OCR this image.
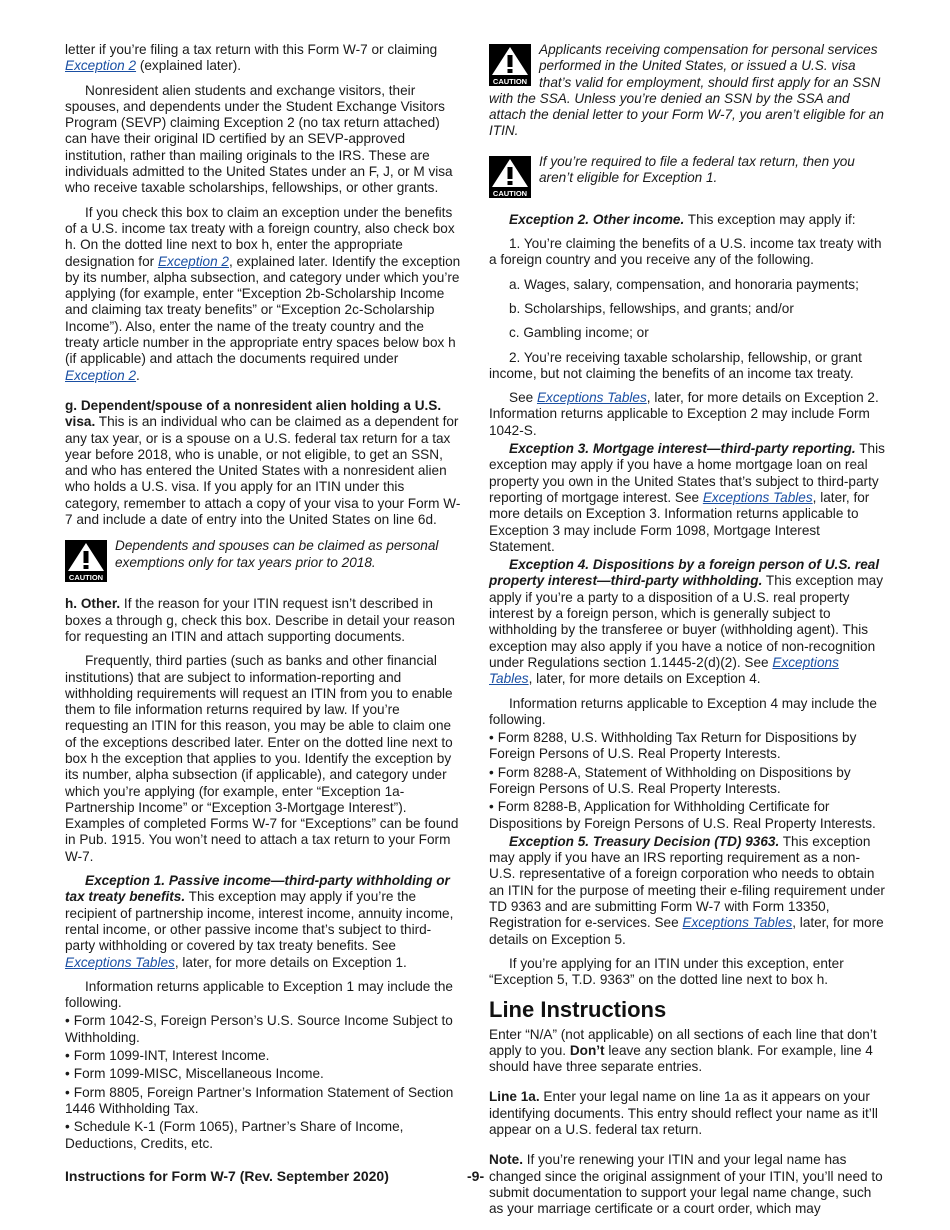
letter if you’re filing a tax return with this Form W-7 or claiming Exception 2 (explained later).

Nonresident alien students and exchange visitors, their spouses, and dependents under the Student Exchange Visitors Program (SEVP) claiming Exception 2 (no tax return attached) can have their original ID certified by an SEVP-approved institution, rather than mailing originals to the IRS. These are individuals admitted to the United States under an F, J, or M visa who receive taxable scholarships, fellowships, or other grants.

If you check this box to claim an exception under the benefits of a U.S. income tax treaty with a foreign country, also check box h. On the dotted line next to box h, enter the appropriate designation for Exception 2, explained later. Identify the exception by its number, alpha subsection, and category under which you’re applying (for example, enter “Exception 2b-Scholarship Income and claiming tax treaty benefits” or “Exception 2c-Scholarship Income”). Also, enter the name of the treaty country and the treaty article number in the appropriate entry spaces below box h (if applicable) and attach the documents required under Exception 2.

g. Dependent/spouse of a nonresident alien holding a U.S. visa. This is an individual who can be claimed as a dependent for any tax year, or is a spouse on a U.S. federal tax return for a tax year before 2018, who is unable, or not eligible, to get an SSN, and who has entered the United States with a nonresident alien who holds a U.S. visa. If you apply for an ITIN under this category, remember to attach a copy of your visa to your Form W-7 and include a date of entry into the United States on line 6d.

CAUTION

Dependents and spouses can be claimed as personal exemptions only for tax years prior to 2018.

h. Other. If the reason for your ITIN request isn’t described in boxes a through g, check this box. Describe in detail your reason for requesting an ITIN and attach supporting documents.

Frequently, third parties (such as banks and other financial institutions) that are subject to information-reporting and withholding requirements will request an ITIN from you to enable them to file information returns required by law. If you’re requesting an ITIN for this reason, you may be able to claim one of the exceptions described later. Enter on the dotted line next to box h the exception that applies to you. Identify the exception by its number, alpha subsection (if applicable), and category under which you’re applying (for example, enter “Exception 1a-Partnership Income” or “Exception 3-Mortgage Interest”). Examples of completed Forms W-7 for “Exceptions” can be found in Pub. 1915. You won’t need to attach a tax return to your Form W-7.

Exception 1. Passive income—third-party withholding or tax treaty benefits. This exception may apply if you’re the recipient of partnership income, interest income, annuity income, rental income, or other passive income that’s subject to third-party withholding or covered by tax treaty benefits. See Exceptions Tables, later, for more details on Exception 1.

Information returns applicable to Exception 1 may include the following.

• Form 1042-S, Foreign Person’s U.S. Source Income Subject to Withholding.

• Form 1099-INT, Interest Income.

• Form 1099-MISC, Miscellaneous Income.

• Form 8805, Foreign Partner’s Information Statement of Section 1446 Withholding Tax.

• Schedule K-1 (Form 1065), Partner’s Share of Income, Deductions, Credits, etc.

CAUTION

Applicants receiving compensation for personal services performed in the United States, or issued a U.S. visa that’s valid for employment, should first apply for an SSN with the SSA. Unless you’re denied an SSN by the SSA and attach the denial letter to your Form W-7, you aren’t eligible for an ITIN.

CAUTION

If you’re required to file a federal tax return, then you aren’t eligible for Exception 1.

Exception 2. Other income. This exception may apply if:

1. You’re claiming the benefits of a U.S. income tax treaty with a foreign country and you receive any of the following.

a. Wages, salary, compensation, and honoraria payments;

b. Scholarships, fellowships, and grants; and/or

c. Gambling income; or

2. You’re receiving taxable scholarship, fellowship, or grant income, but not claiming the benefits of an income tax treaty.

See Exceptions Tables, later, for more details on Exception 2. Information returns applicable to Exception 2 may include Form 1042-S.

Exception 3. Mortgage interest—third-party reporting. This exception may apply if you have a home mortgage loan on real property you own in the United States that’s subject to third-party reporting of mortgage interest. See Exceptions Tables, later, for more details on Exception 3. Information returns applicable to Exception 3 may include Form 1098, Mortgage Interest Statement.

Exception 4. Dispositions by a foreign person of U.S. real property interest—third-party withholding. This exception may apply if you’re a party to a disposition of a U.S. real property interest by a foreign person, which is generally subject to withholding by the transferee or buyer (withholding agent). This exception may also apply if you have a notice of non-recognition under Regulations section 1.1445-2(d)(2). See Exceptions Tables, later, for more details on Exception 4.

Information returns applicable to Exception 4 may include the following.

• Form 8288, U.S. Withholding Tax Return for Dispositions by Foreign Persons of U.S. Real Property Interests.

• Form 8288-A, Statement of Withholding on Dispositions by Foreign Persons of U.S. Real Property Interests.

• Form 8288-B, Application for Withholding Certificate for Dispositions by Foreign Persons of U.S. Real Property Interests.

Exception 5. Treasury Decision (TD) 9363. This exception may apply if you have an IRS reporting requirement as a non-U.S. representative of a foreign corporation who needs to obtain an ITIN for the purpose of meeting their e-filing requirement under TD 9363 and are submitting Form W-7 with Form 13350, Registration for e-services. See Exceptions Tables, later, for more details on Exception 5.

If you’re applying for an ITIN under this exception, enter “Exception 5, T.D. 9363” on the dotted line next to box h.

Line Instructions

Enter “N/A” (not applicable) on all sections of each line that don’t apply to you. Don’t leave any section blank. For example, line 4 should have three separate entries.

Line 1a. Enter your legal name on line 1a as it appears on your identifying documents. This entry should reflect your name as it’ll appear on a U.S. federal tax return.

Note. If you’re renewing your ITIN and your legal name has changed since the original assignment of your ITIN, you’ll need to submit documentation to support your legal name change, such as your marriage certificate or a court order, which may

Instructions for Form W-7 (Rev. September 2020)	-9-
